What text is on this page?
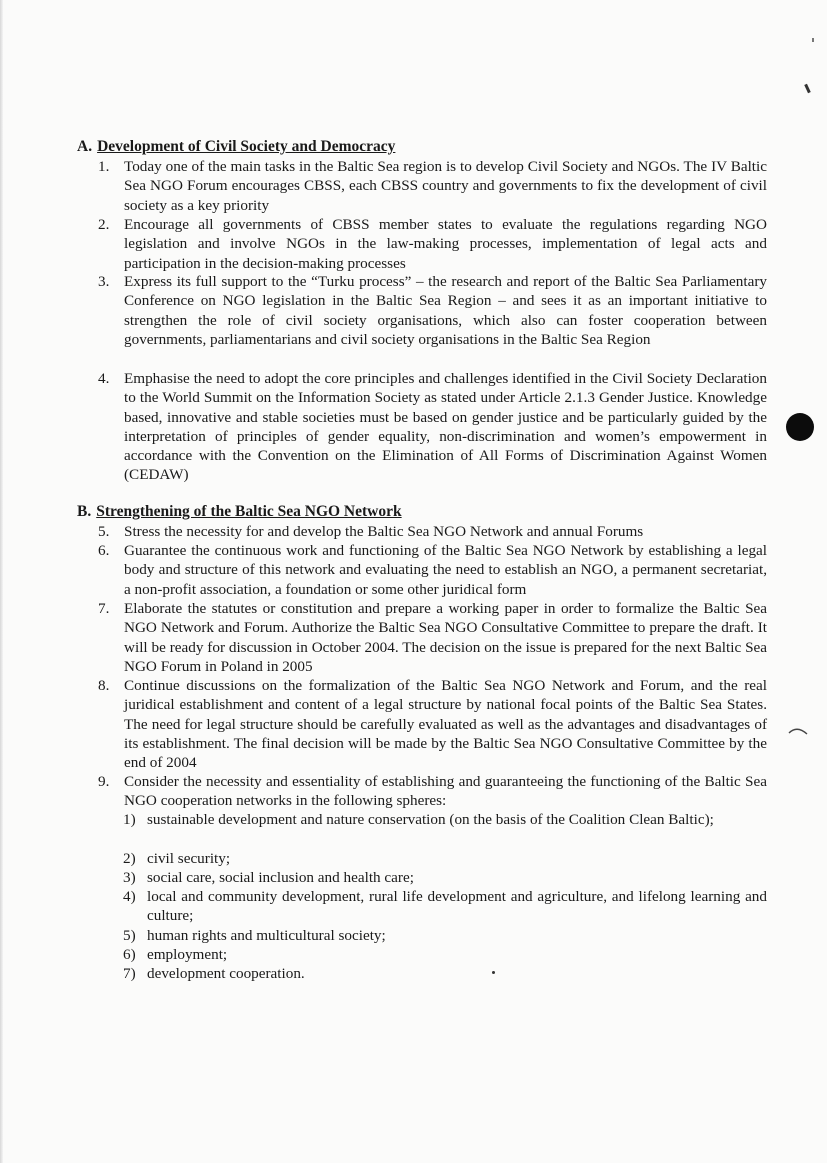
A. Development of Civil Society and Democracy
1. Today one of the main tasks in the Baltic Sea region is to develop Civil Society and NGOs. The IV Baltic Sea NGO Forum encourages CBSS, each CBSS country and governments to fix the development of civil society as a key priority
2. Encourage all governments of CBSS member states to evaluate the regulations regarding NGO legislation and involve NGOs in the law-making processes, implementation of legal acts and participation in the decision-making processes
3. Express its full support to the “Turku process” – the research and report of the Baltic Sea Parliamentary Conference on NGO legislation in the Baltic Sea Region – and sees it as an important initiative to strengthen the role of civil society organisations, which also can foster cooperation between governments, parliamentarians and civil society organisations in the Baltic Sea Region
4. Emphasise the need to adopt the core principles and challenges identified in the Civil Society Declaration to the World Summit on the Information Society as stated under Article 2.1.3 Gender Justice. Knowledge based, innovative and stable societies must be based on gender justice and be particularly guided by the interpretation of principles of gender equality, non-discrimination and women’s empowerment in accordance with the Convention on the Elimination of All Forms of Discrimination Against Women (CEDAW)
B. Strengthening of the Baltic Sea NGO Network
5. Stress the necessity for and develop the Baltic Sea NGO Network and annual Forums
6. Guarantee the continuous work and functioning of the Baltic Sea NGO Network by establishing a legal body and structure of this network and evaluating the need to establish an NGO, a permanent secretariat, a non-profit association, a foundation or some other juridical form
7. Elaborate the statutes or constitution and prepare a working paper in order to formalize the Baltic Sea NGO Network and Forum. Authorize the Baltic Sea NGO Consultative Committee to prepare the draft. It will be ready for discussion in October 2004. The decision on the issue is prepared for the next Baltic Sea NGO Forum in Poland in 2005
8. Continue discussions on the formalization of the Baltic Sea NGO Network and Forum, and the real juridical establishment and content of a legal structure by national focal points of the Baltic Sea States. The need for legal structure should be carefully evaluated as well as the advantages and disadvantages of its establishment. The final decision will be made by the Baltic Sea NGO Consultative Committee by the end of 2004
9. Consider the necessity and essentiality of establishing and guaranteeing the functioning of the Baltic Sea NGO cooperation networks in the following spheres:
1) sustainable development and nature conservation (on the basis of the Coalition Clean Baltic);
2) civil security;
3) social care, social inclusion and health care;
4) local and community development, rural life development and agriculture, and lifelong learning and culture;
5) human rights and multicultural society;
6) employment;
7) development cooperation.
